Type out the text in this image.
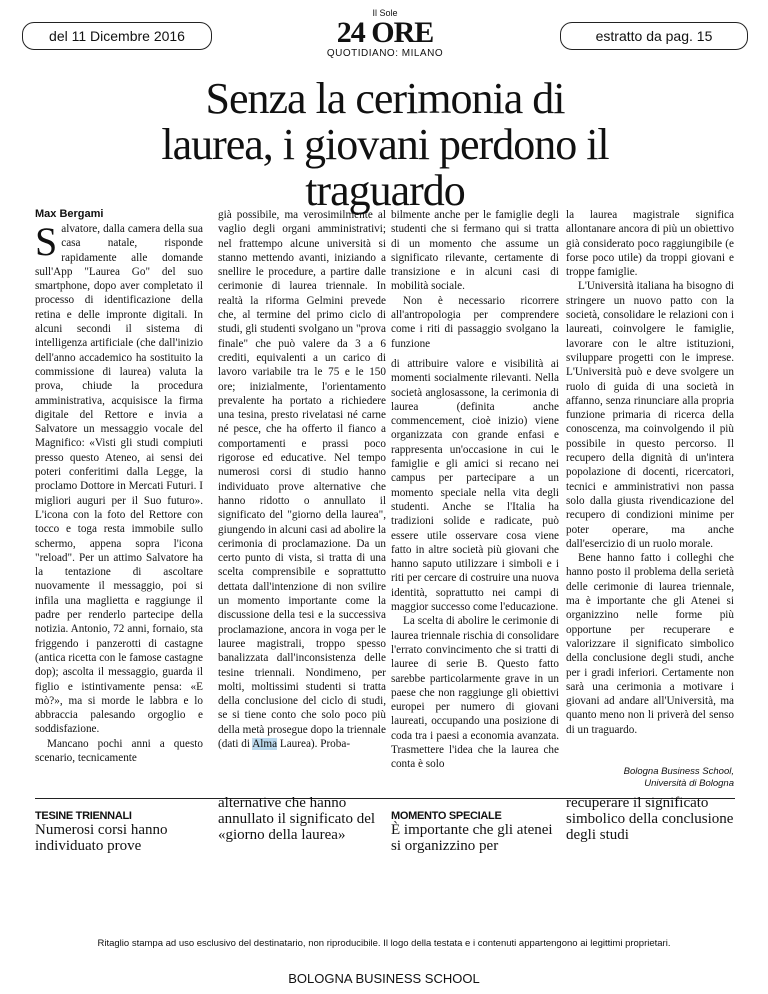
del 11 Dicembre 2016
Il Sole
24 ORE
QUOTIDIANO: MILANO
estratto da pag. 15
Senza la cerimonia di laurea, i giovani perdono il traguardo
Max Bergami

Salvatore, dalla camera della sua casa natale, risponde rapidamente alle domande sull'App "Laurea Go" del suo smartphone, dopo aver completato il processo di identificazione della retina e delle impronte digitali. In alcuni secondi il sistema di intelligenza artificiale (che dall'inizio dell'anno accademico ha sostituito la commissione di laurea) valuta la prova, chiude la procedura amministrativa, acquisisce la firma digitale del Rettore e invia a Salvatore un messaggio vocale del Magnifico: «Visti gli studi compiuti presso questo Ateneo, ai sensi dei poteri conferitimi dalla Legge, la proclamo Dottore in Mercati Futuri. I migliori auguri per il Suo futuro». L'icona con la foto del Rettore con tocco e toga resta immobile sullo schermo, appena sopra l'icona "reload". Per un attimo Salvatore ha la tentazione di ascoltare nuovamente il messaggio, poi si infila una maglietta e raggiunge il padre per renderlo partecipe della notizia. Antonio, 72 anni, fornaio, sta friggendo i panzerotti di castagne (antica ricetta con le famose castagne dop); ascolta il messaggio, guarda il figlio e istintivamente pensa: «E mò?», ma si morde le labbra e lo abbraccia palesando orgoglio e soddisfazione.

Mancano pochi anni a questo scenario, tecnicamente

già possibile, ma verosimilmente al vaglio degli organi amministrativi; nel frattempo alcune università si stanno mettendo avanti, iniziando a snellire le procedure, a partire dalle cerimonie di laurea triennale. In realtà la riforma Gelmini prevede che, al termine del primo ciclo di studi, gli studenti svolgano un "prova finale" che può valere da 3 a 6 crediti, equivalenti a un carico di lavoro variabile tra le 75 e le 150 ore; inizialmente, l'orientamento prevalente ha portato a richiedere una tesina, presto rivelatasi né carne né pesce, che ha offerto il fianco a comportamenti e prassi poco rigorose ed educative. Nel tempo numerosi corsi di studio hanno individuato prove alternative che hanno ridotto o annullato il significato del "giorno della laurea", giungendo in alcuni casi ad abolire la cerimonia di proclamazione. Da un certo punto di vista, si tratta di una scelta comprensibile e soprattutto dettata dall'intenzione di non svilire un momento importante come la discussione della tesi e la successiva proclamazione, ancora in voga per le lauree magistrali, troppo spesso banalizzata dall'inconsistenza delle tesine triennali. Nondimeno, per molti, moltissimi studenti si tratta della conclusione del ciclo di studi, se si tiene conto che solo poco più della metà prosegue dopo la triennale (dati di Alma Laurea). Proba-

bilmente anche per le famiglie degli studenti che si fermano qui si tratta di un momento che assume un significato rilevante, certamente di transizione e in alcuni casi di mobilità sociale.

Non è necessario ricorrere all'antropologia per comprendere come i riti di passaggio svolgano la funzione

di attribuire valore e visibilità ai momenti socialmente rilevanti. Nella società anglosassone, la cerimonia di laurea (definita anche commencement, cioè inizio) viene organizzata con grande enfasi e rappresenta un'occasione in cui le famiglie e gli amici si recano nei campus per partecipare a un momento speciale nella vita degli studenti. Anche se l'Italia ha tradizioni solide e radicate, può essere utile osservare cosa viene fatto in altre società più giovani che hanno saputo utilizzare i simboli e i riti per cercare di costruire una nuova identità, soprattutto nei campi di maggior successo come l'educazione.

La scelta di abolire le cerimonie di laurea triennale rischia di consolidare l'errato convincimento che si tratti di lauree di serie B. Questo fatto sarebbe particolarmente grave in un paese che non raggiunge gli obiettivi europei per numero di giovani laureati, occupando una posizione di coda tra i paesi a economia avanzata. Trasmettere l'idea che la laurea che conta è solo

la laurea magistrale significa allontanare ancora di più un obiettivo già considerato poco raggiungibile (e forse poco utile) da troppi giovani e troppe famiglie.

L'Università italiana ha bisogno di stringere un nuovo patto con la società, consolidare le relazioni con i laureati, coinvolgere le famiglie, lavorare con le altre istituzioni, sviluppare progetti con le imprese. L'Università può e deve svolgere un ruolo di guida di una società in affanno, senza rinunciare alla propria funzione primaria di ricerca della conoscenza, ma coinvolgendo il più possibile in questo percorso. Il recupero della dignità di un'intera popolazione di docenti, ricercatori, tecnici e amministrativi non passa solo dalla giusta rivendicazione del recupero di condizioni minime per poter operare, ma anche dall'esercizio di un ruolo morale.

Bene hanno fatto i colleghi che hanno posto il problema della serietà delle cerimonie di laurea triennale, ma è importante che gli Atenei si organizzino nelle forme più opportune per recuperare e valorizzare il significato simbolico della conclusione degli studi, anche per i gradi inferiori. Certamente non sarà una cerimonia a motivare i giovani ad andare all'Università, ma quanto meno non li priverà del senso di un traguardo.

Bologna Business School,
Università di Bologna
TESINE TRIENNALI
Numerosi corsi hanno individuato prove
alternative che hanno annullato il significato del «giorno della laurea»
MOMENTO SPECIALE
È importante che gli atenei si organizzino per
recuperare il significato simbolico della conclusione degli studi
Ritaglio stampa ad uso esclusivo del destinatario, non riproducibile. Il logo della testata e i contenuti appartengono ai legittimi proprietari.
BOLOGNA BUSINESS SCHOOL
